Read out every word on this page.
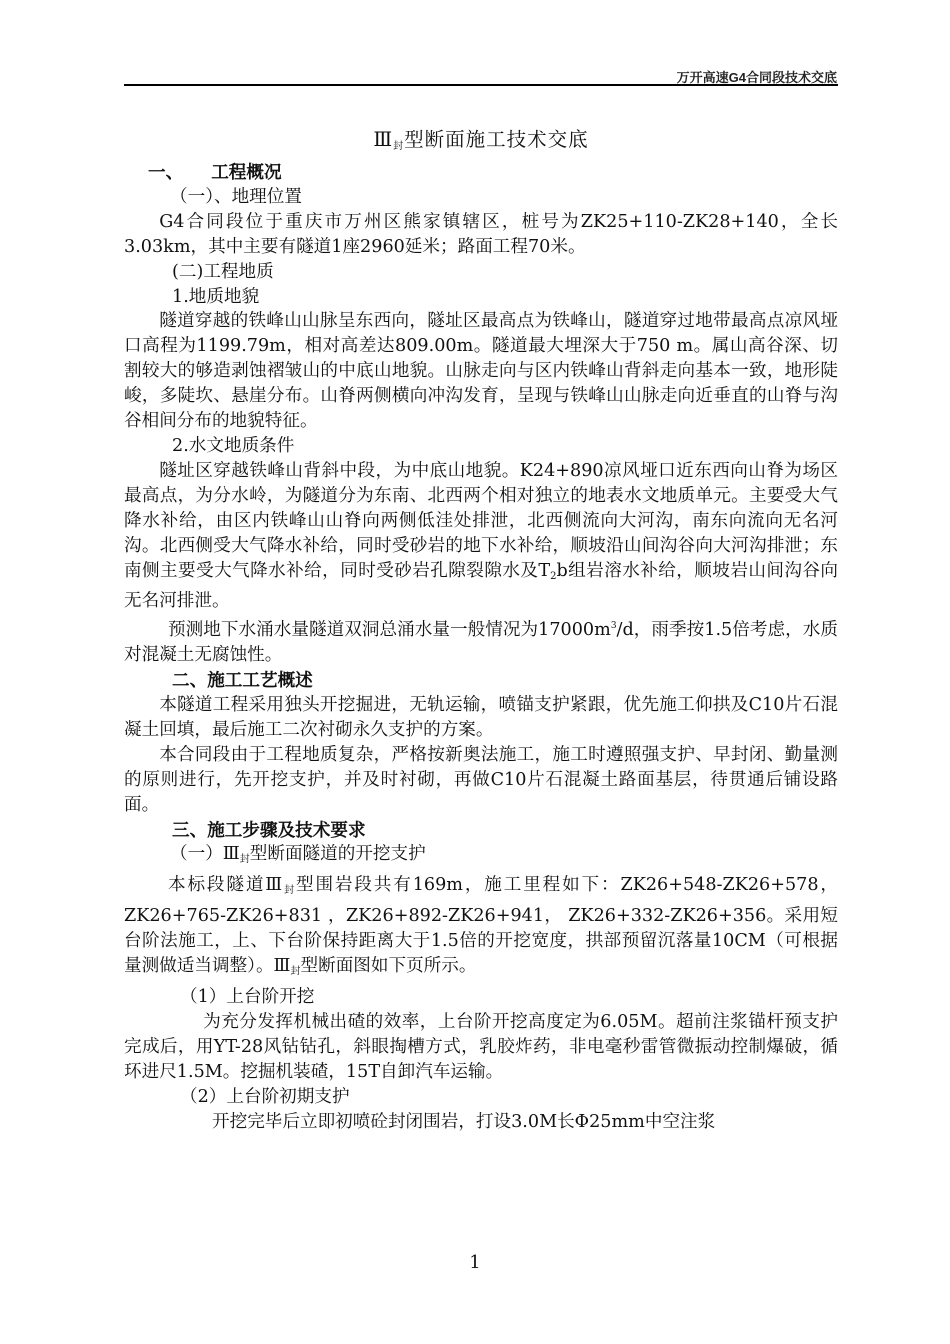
万开高速G4合同段技术交底
$Ⅲ_封$型断面施工技术交底

一、 工程概况

（一）、地理位置

G4合同段位于重庆市万州区熊家镇辖区，桩号为ZK25+110-ZK28+140，全长3.03km，其中主要有隧道1座2960延米；路面工程70米。

(二)工程地质

1.地质地貌

隧道穿越的铁峰山山脉呈东西向，隧址区最高点为铁峰山，隧道穿过地带最高点凉风垭口高程为1199.79m，相对高差达809.00m。隧道最大埋深大于750 m。属山高谷深、切割较大的够造剥蚀褶皱山的中底山地貌。山脉走向与区内铁峰山背斜走向基本一致，地形陡峻，多陡坎、悬崖分布。山脊两侧横向冲沟发育，呈现与铁峰山山脉走向近垂直的山脊与沟谷相间分布的地貌特征。

2.水文地质条件

隧址区穿越铁峰山背斜中段，为中底山地貌。K24+890凉风垭口近东西向山脊为场区最高点，为分水岭，为隧道分为东南、北西两个相对独立的地表水文地质单元。主要受大气降水补给，由区内铁峰山山脊向两侧低洼处排泄，北西侧流向大河沟，南东向流向无名河沟。北西侧受大气降水补给，同时受砂岩的地下水补给，顺坡沿山间沟谷向大河沟排泄；东南侧主要受大气降水补给，同时受砂岩孔隙裂隙水及$T_2b$组岩溶水补给，顺坡岩山间沟谷向无名河排泄。

预测地下水涌水量隧道双洞总涌水量一般情况为$17000m^3/d$，雨季按1.5倍考虑，水质对混凝土无腐蚀性。

二、施工工艺概述

本隧道工程采用独头开挖掘进，无轨运输，喷锚支护紧跟，优先施工仰拱及C10片石混凝土回填，最后施工二次衬砌永久支护的方案。

本合同段由于工程地质复杂，严格按新奥法施工，施工时遵照强支护、早封闭、勤量测的原则进行，先开挖支护，并及时衬砌，再做C10片石混凝土路面基层，待贯通后铺设路面。

三、施工步骤及技术要求

（一）$Ⅲ_封$型断面隧道的开挖支护

本标段隧道$Ⅲ_封$型围岩段共有169m，施工里程如下：ZK26+548-ZK26+578，ZK26+765-ZK26+831 ，ZK26+892-ZK26+941， ZK26+332-ZK26+356。采用短台阶法施工，上、下台阶保持距离大于1.5倍的开挖宽度，拱部预留沉落量10CM（可根据量测做适当调整）。$Ⅲ_封$型断面图如下页所示。

（1）上台阶开挖

为充分发挥机械出碴的效率，上台阶开挖高度定为6.05M。超前注浆锚杆预支护完成后，用YT-28风钻钻孔，斜眼掏槽方式，乳胶炸药，非电毫秒雷管微振动控制爆破，循环进尺1.5M。挖掘机装碴，15T自卸汽车运输。

（2）上台阶初期支护

开挖完毕后立即初喷砼封闭围岩，打设3.0M长Φ25mm中空注浆

1
